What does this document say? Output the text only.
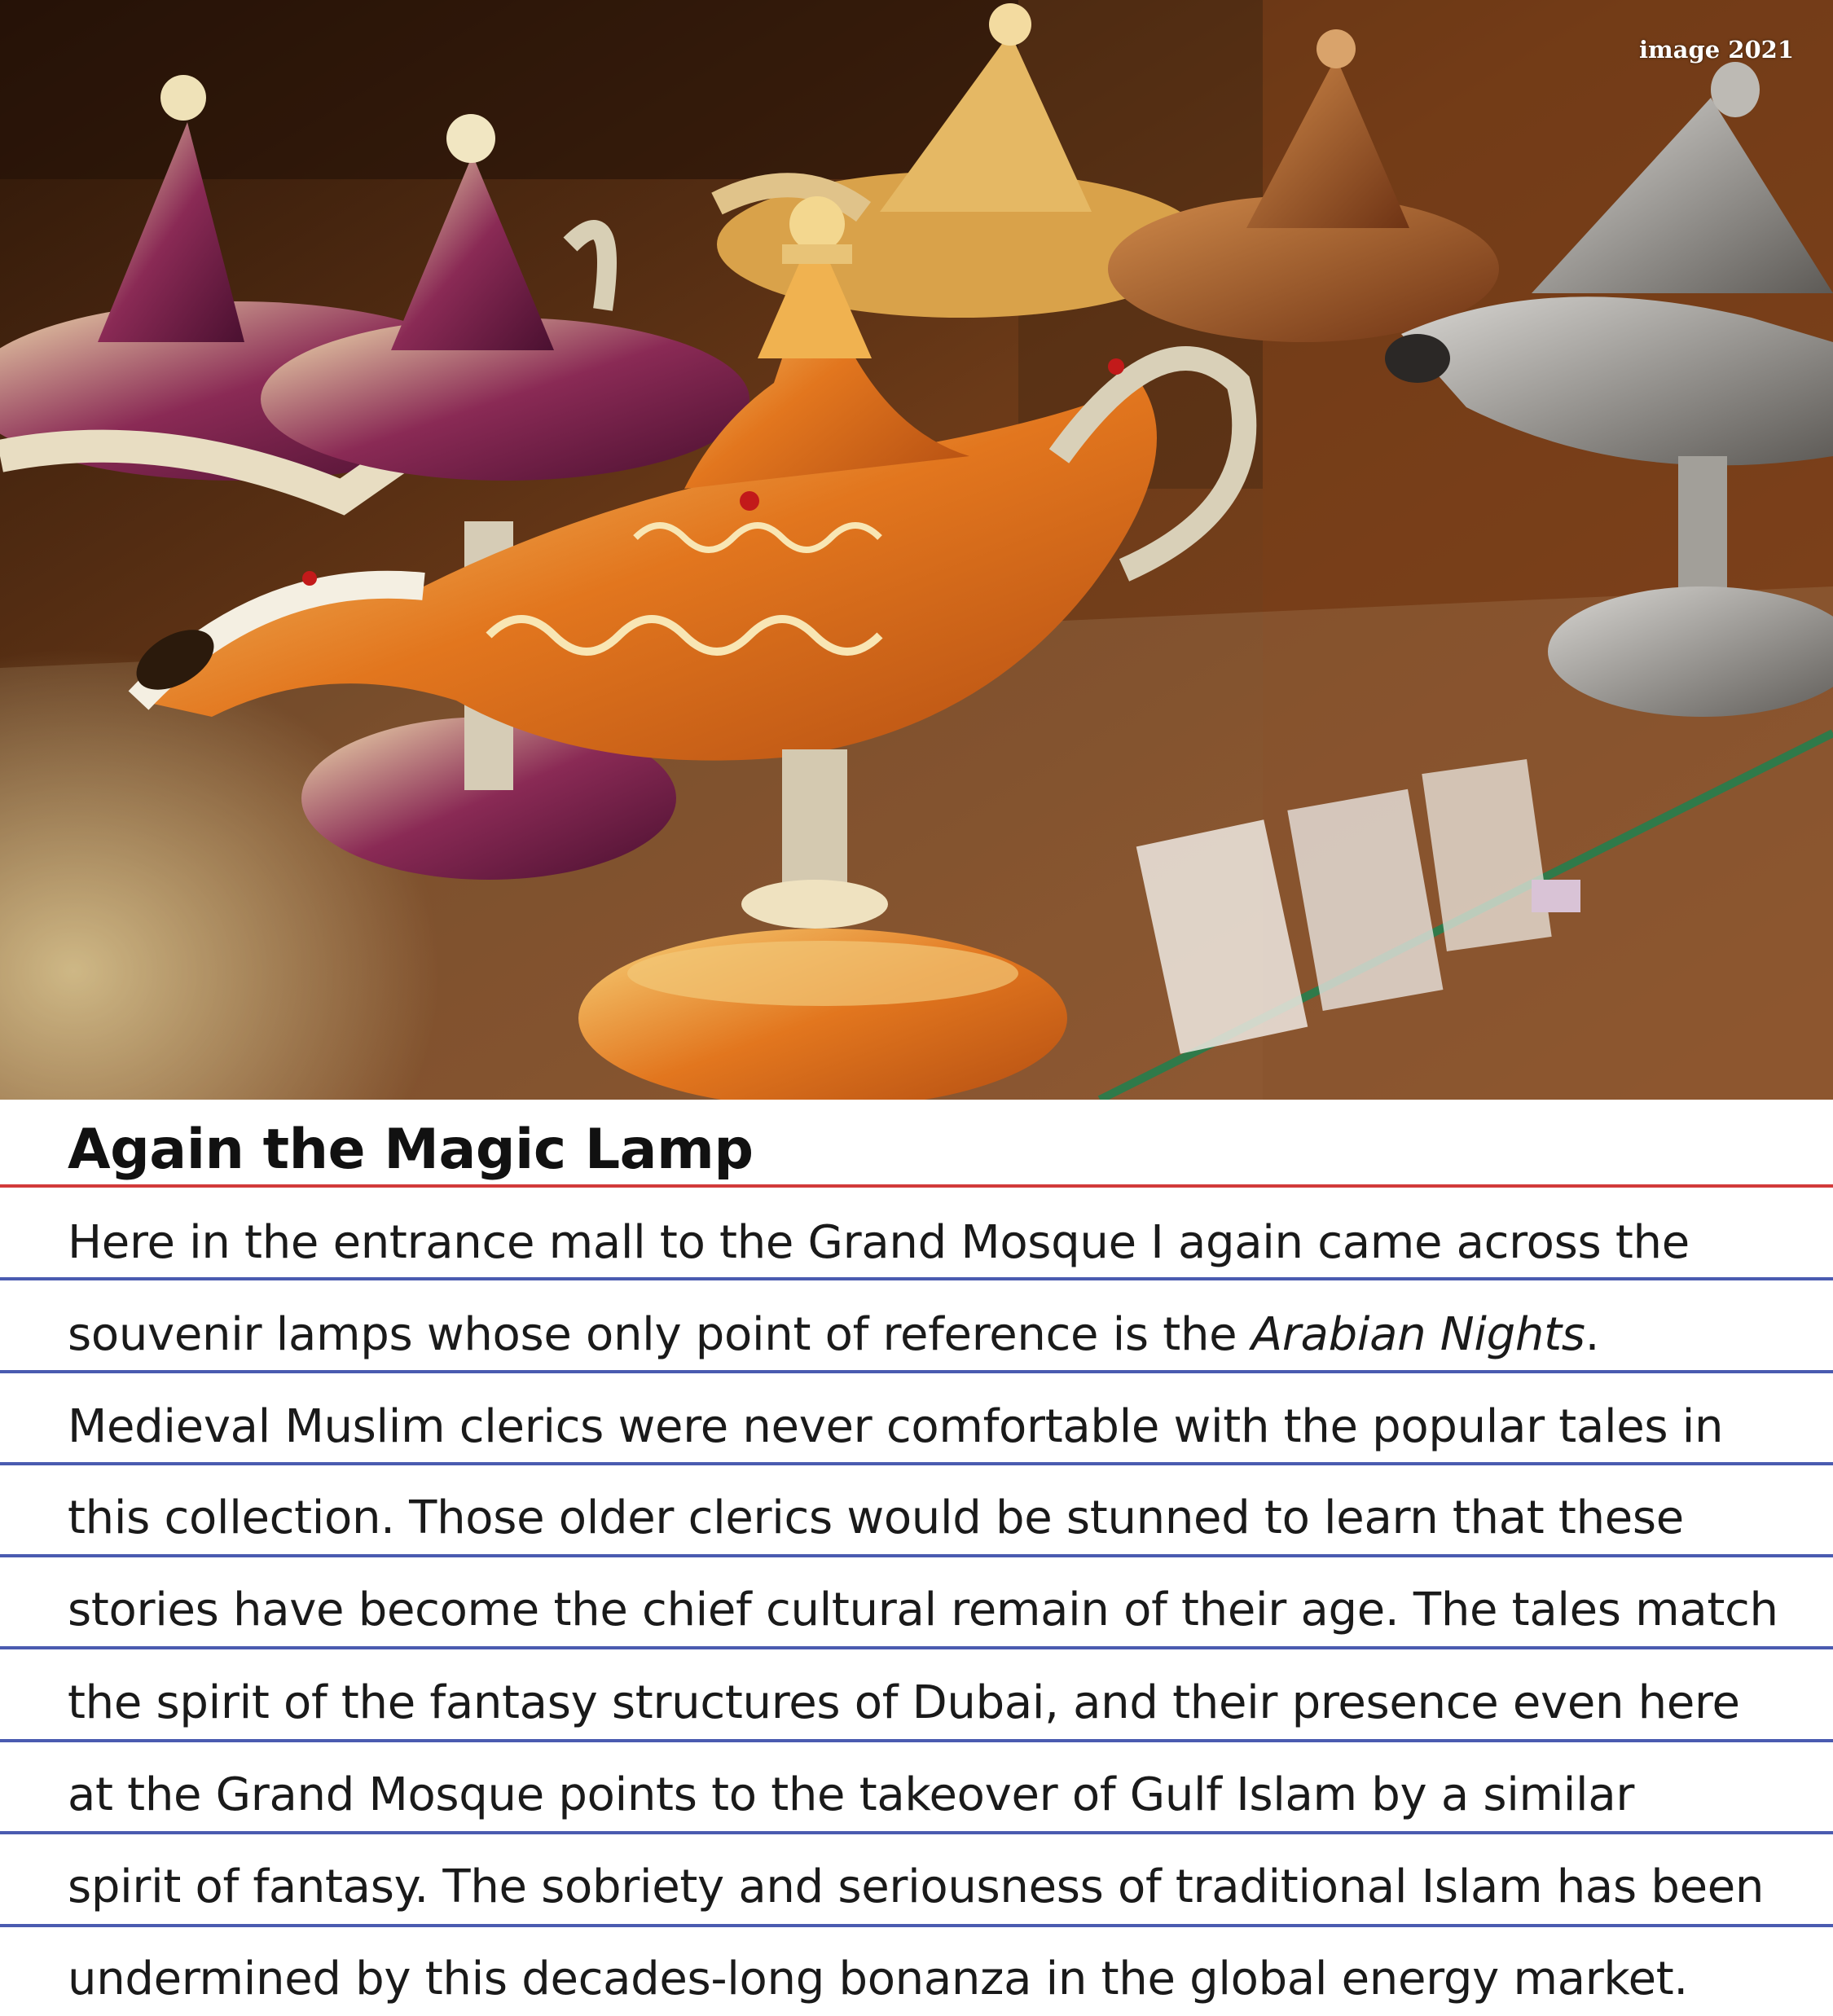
image 2021
Again the Magic Lamp
Here in the entrance mall to the Grand Mosque I again came across the
souvenir lamps whose only point of reference is the Arabian Nights.
Medieval Muslim clerics were never comfortable with the popular tales in
this collection. Those older clerics would be stunned to learn that these
stories have become the chief cultural remain of their age. The tales match
the spirit of the fantasy structures of Dubai, and their presence even here
at the Grand Mosque points to the takeover of Gulf Islam by a similar
spirit of fantasy. The sobriety and seriousness of traditional Islam has been
undermined by this decades-long bonanza in the global energy market.
